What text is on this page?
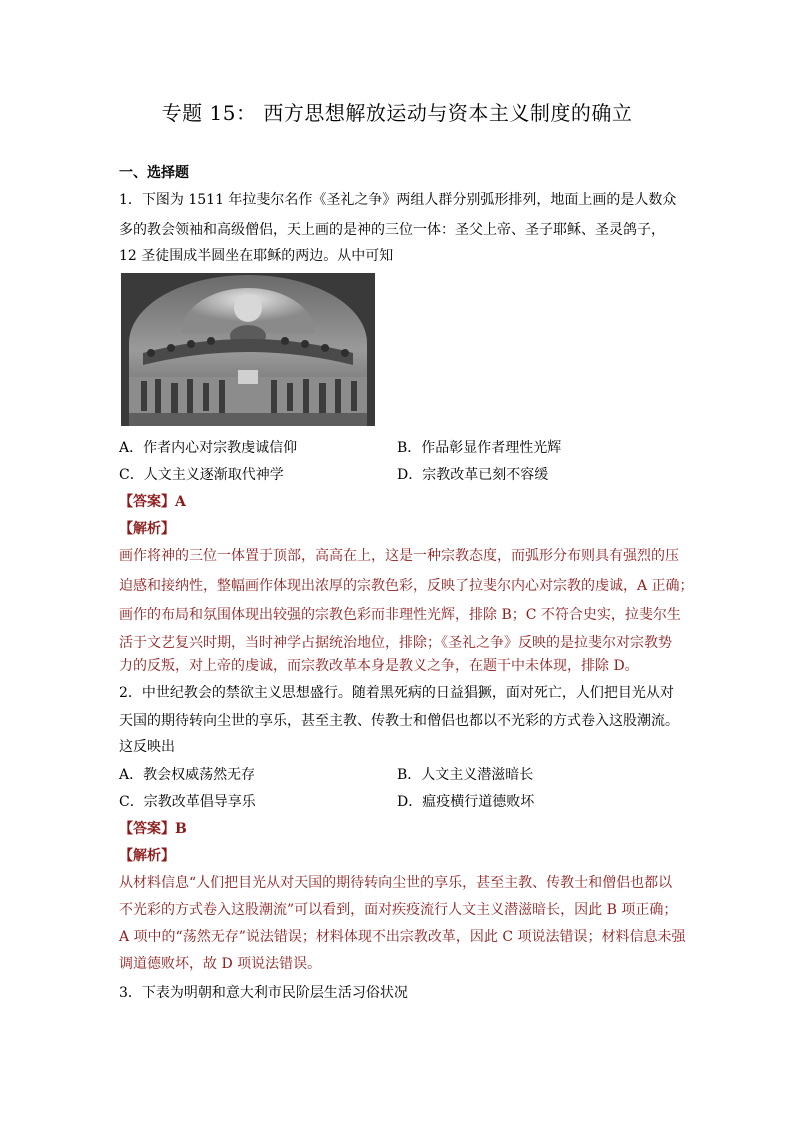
专题 15： 西方思想解放运动与资本主义制度的确立
一、选择题
1．下图为 1511 年拉斐尔名作《圣礼之争》两组人群分别弧形排列，地面上画的是人数众
多的教会领袖和高级僧侣，天上画的是神的三位一体：圣父上帝、圣子耶稣、圣灵鸽子，
12 圣徒围成半圆坐在耶稣的两边。从中可知
A．作者内心对宗教虔诚信仰	B．作品彰显作者理性光辉
C．人文主义逐渐取代神学	D．宗教改革已刻不容缓
【答案】A
【解析】
画作将神的三位一体置于顶部，高高在上，这是一种宗教态度，而弧形分布则具有强烈的压
迫感和接纳性，整幅画作体现出浓厚的宗教色彩，反映了拉斐尔内心对宗教的虔诚，A 正确；
画作的布局和氛围体现出较强的宗教色彩而非理性光辉，排除 B；C 不符合史实，拉斐尔生
活于文艺复兴时期，当时神学占据统治地位，排除；《圣礼之争》反映的是拉斐尔对宗教势
力的反叛，对上帝的虔诚，而宗教改革本身是教义之争，在题干中未体现，排除 D。
2．中世纪教会的禁欲主义思想盛行。随着黑死病的日益猖獗，面对死亡，人们把目光从对
天国的期待转向尘世的享乐，甚至主教、传教士和僧侣也都以不光彩的方式卷入这股潮流。
这反映出
A．教会权威荡然无存	B．人文主义潜滋暗长
C．宗教改革倡导享乐	D．瘟疫横行道德败坏
【答案】B
【解析】
从材料信息“人们把目光从对天国的期待转向尘世的享乐，甚至主教、传教士和僧侣也都以
不光彩的方式卷入这股潮流”可以看到，面对疾疫流行人文主义潜滋暗长，因此 B 项正确；
A 项中的“荡然无存”说法错误；材料体现不出宗教改革，因此 C 项说法错误；材料信息未强
调道德败坏，故 D 项说法错误。
3．下表为明朝和意大利市民阶层生活习俗状况
